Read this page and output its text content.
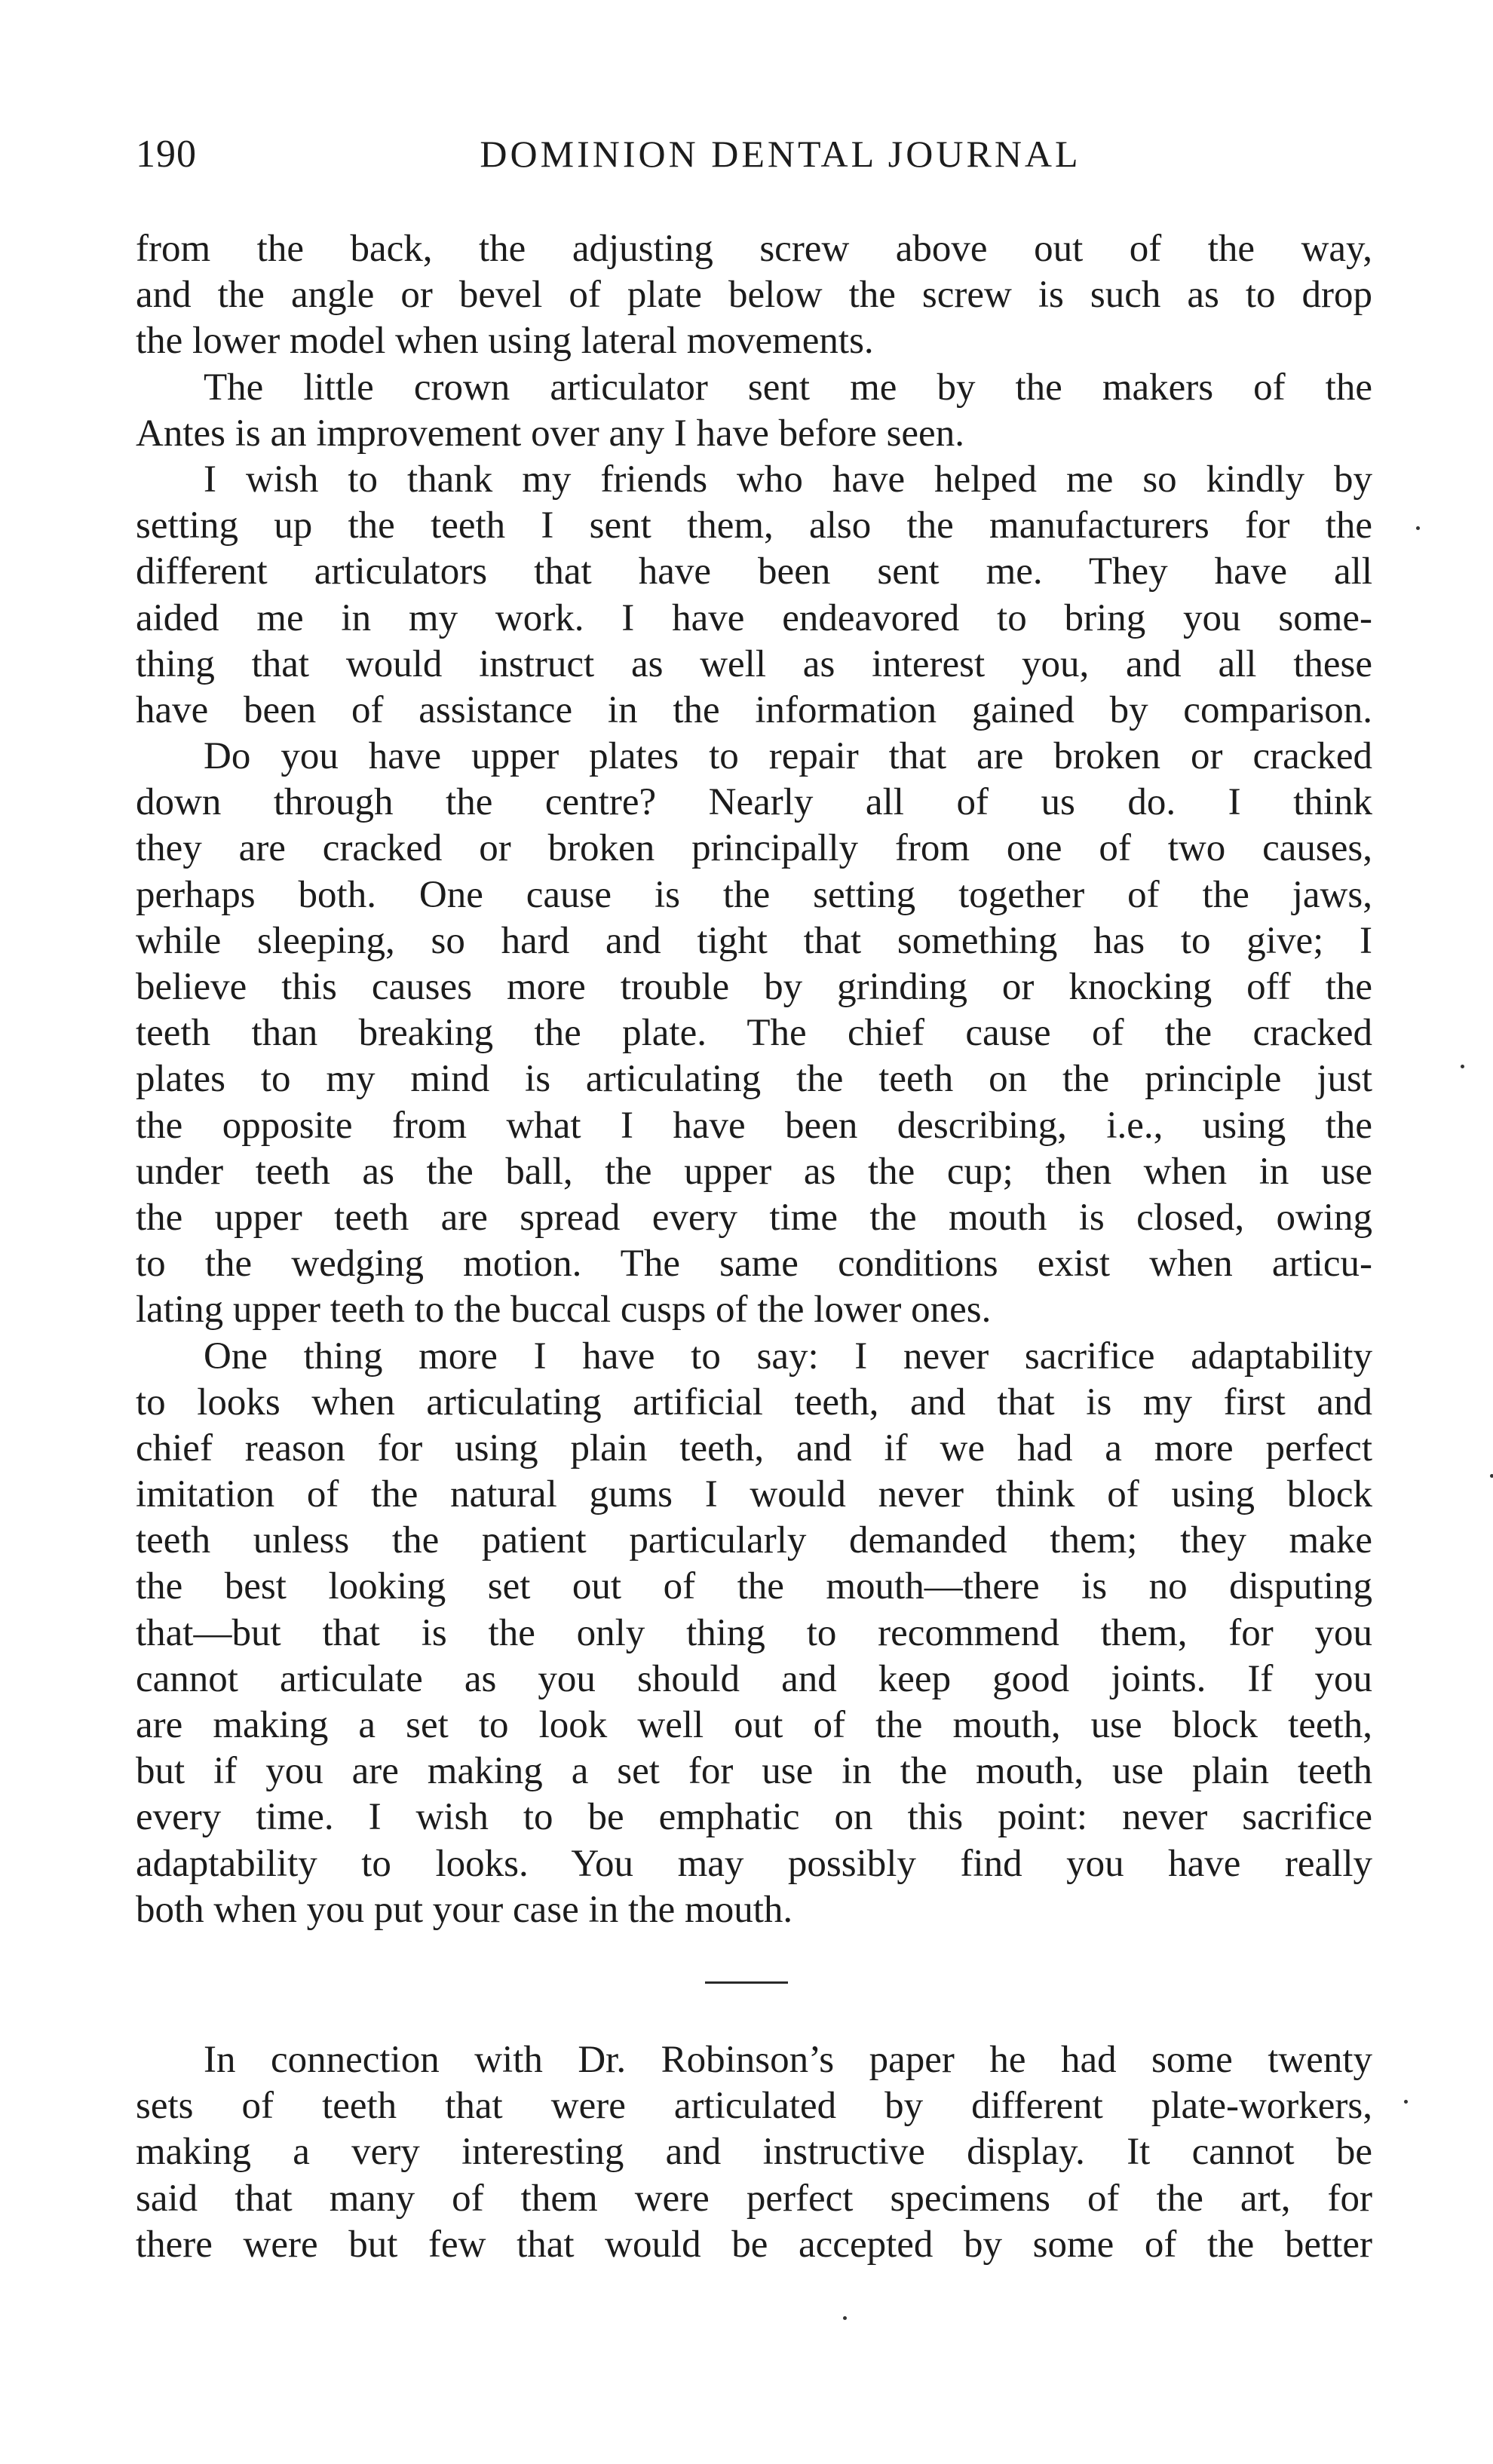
190	DOMINION DENTAL JOURNAL
from the back, the adjusting screw above out of the way,
and the angle or bevel of plate below the screw is such as to drop
the lower model when using lateral movements.
The little crown articulator sent me by the makers of the
Antes is an improvement over any I have before seen.
I wish to thank my friends who have helped me so kindly by
setting up the teeth I sent them, also the manufacturers for the
different articulators that have been sent me. They have all
aided me in my work. I have endeavored to bring you some-
thing that would instruct as well as interest you, and all these
have been of assistance in the information gained by comparison.
Do you have upper plates to repair that are broken or cracked
down through the centre? Nearly all of us do. I think
they are cracked or broken principally from one of two causes,
perhaps both. One cause is the setting together of the jaws,
while sleeping, so hard and tight that something has to give; I
believe this causes more trouble by grinding or knocking off the
teeth than breaking the plate. The chief cause of the cracked
plates to my mind is articulating the teeth on the principle just
the opposite from what I have been describing, i.e., using the
under teeth as the ball, the upper as the cup; then when in use
the upper teeth are spread every time the mouth is closed, owing
to the wedging motion. The same conditions exist when articu-
lating upper teeth to the buccal cusps of the lower ones.
One thing more I have to say: I never sacrifice adaptability
to looks when articulating artificial teeth, and that is my first and
chief reason for using plain teeth, and if we had a more perfect
imitation of the natural gums I would never think of using block
teeth unless the patient particularly demanded them; they make
the best looking set out of the mouth—there is no disputing
that—but that is the only thing to recommend them, for you
cannot articulate as you should and keep good joints. If you
are making a set to look well out of the mouth, use block teeth,
but if you are making a set for use in the mouth, use plain teeth
every time. I wish to be emphatic on this point: never sacrifice
adaptability to looks. You may possibly find you have really
both when you put your case in the mouth.
In connection with Dr. Robinson’s paper he had some twenty
sets of teeth that were articulated by different plate-workers,
making a very interesting and instructive display. It cannot be
said that many of them were perfect specimens of the art, for
there were but few that would be accepted by some of the better
